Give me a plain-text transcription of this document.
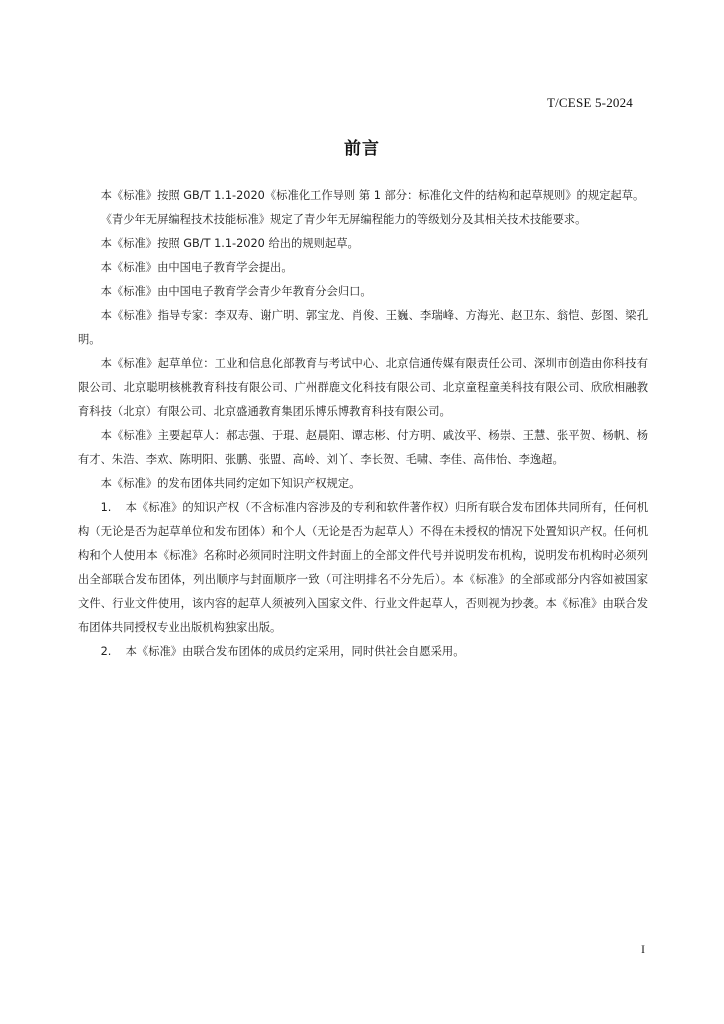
T/CESE 5-2024
前言

本《标准》按照 GB/T 1.1-2020《标准化工作导则 第 1 部分：标准化文件的结构和起草规则》的规定起草。

《青少年无屏编程技术技能标准》规定了青少年无屏编程能力的等级划分及其相关技术技能要求。

本《标准》按照 GB/T 1.1-2020 给出的规则起草。

本《标准》由中国电子教育学会提出。

本《标准》由中国电子教育学会青少年教育分会归口。

本《标准》指导专家：李双寿、谢广明、郭宝龙、肖俊、王巍、李瑞峰、方海光、赵卫东、翁恺、彭图、梁孔明。

本《标准》起草单位：工业和信息化部教育与考试中心、北京信通传媒有限责任公司、深圳市创造由你科技有限公司、北京聪明核桃教育科技有限公司、广州群鹿文化科技有限公司、北京童程童美科技有限公司、欣欣相融教育科技（北京）有限公司、北京盛通教育集团乐博乐博教育科技有限公司。

本《标准》主要起草人：郝志强、于琨、赵晨阳、谭志彬、付方明、戚汝平、杨崇、王慧、张平贺、杨帆、杨有才、朱浩、李欢、陈明阳、张鹏、张盟、高岭、刘丫、李长贺、毛啸、李佳、高伟怡、李逸超。

本《标准》的发布团体共同约定如下知识产权规定。

1. 本《标准》的知识产权（不含标准内容涉及的专利和软件著作权）归所有联合发布团体共同所有，任何机构（无论是否为起草单位和发布团体）和个人（无论是否为起草人）不得在未授权的情况下处置知识产权。任何机构和个人使用本《标准》名称时必须同时注明文件封面上的全部文件代号并说明发布机构，说明发布机构时必须列出全部联合发布团体，列出顺序与封面顺序一致（可注明排名不分先后）。本《标准》的全部或部分内容如被国家文件、行业文件使用，该内容的起草人须被列入国家文件、行业文件起草人，否则视为抄袭。本《标准》由联合发布团体共同授权专业出版机构独家出版。

2. 本《标准》由联合发布团体的成员约定采用，同时供社会自愿采用。

I
